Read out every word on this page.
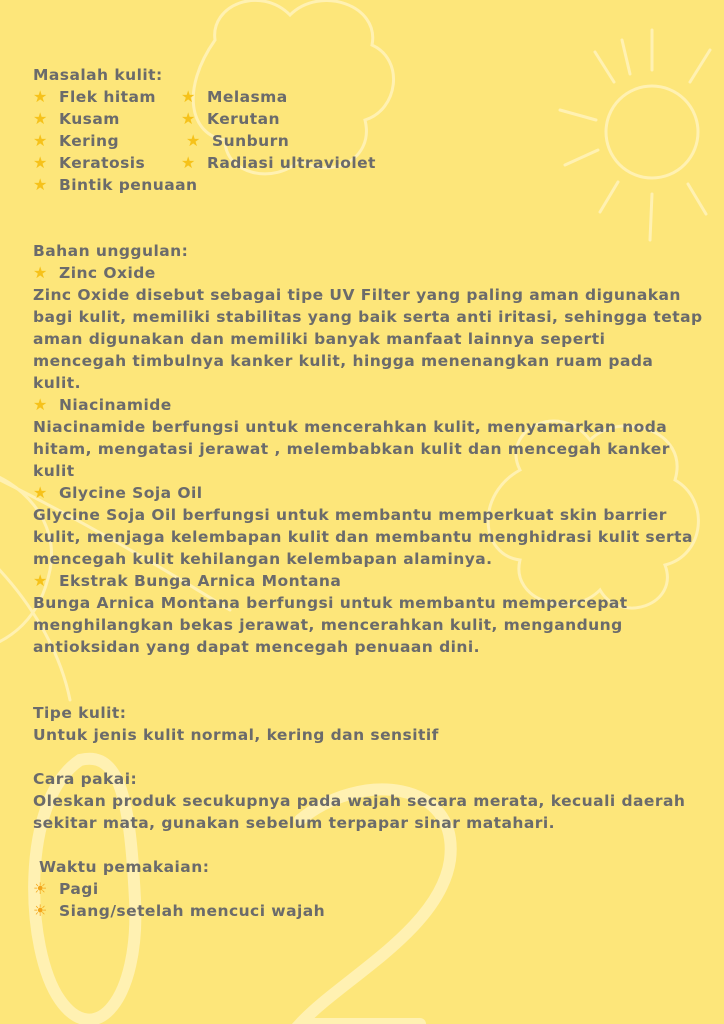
Masalah kulit:

★ Flek hitam ★ Melasma
★ Kusam	★ Kerutan
★ Kering	★ Sunburn
★ Keratosis ★ Radiasi ultraviolet
★ Bintik penuaan

Bahan unggulan:

★ Zinc Oxide

Zinc Oxide disebut sebagai tipe UV Filter yang paling aman digunakan bagi kulit, memiliki stabilitas yang baik serta anti iritasi, sehingga tetap aman digunakan dan memiliki banyak manfaat lainnya seperti mencegah timbulnya kanker kulit, hingga menenangkan ruam pada kulit.

★ Niacinamide

Niacinamide berfungsi untuk mencerahkan kulit, menyamarkan noda hitam, mengatasi jerawat , melembabkan kulit dan mencegah kanker kulit

★ Glycine Soja Oil

Glycine Soja Oil berfungsi untuk membantu memperkuat skin barrier kulit, menjaga kelembapan kulit dan membantu menghidrasi kulit serta mencegah kulit kehilangan kelembapan alaminya.

★ Ekstrak Bunga Arnica Montana

Bunga Arnica Montana berfungsi untuk membantu mempercepat menghilangkan bekas jerawat, mencerahkan kulit, mengandung antioksidan yang dapat mencegah penuaan dini.

Tipe kulit:

Untuk jenis kulit normal, kering dan sensitif

Cara pakai:

Oleskan produk secukupnya pada wajah secara merata, kecuali daerah sekitar mata, gunakan sebelum terpapar sinar matahari.

Waktu pemakaian:

☀ Pagi

☀ Siang/setelah mencuci wajah
